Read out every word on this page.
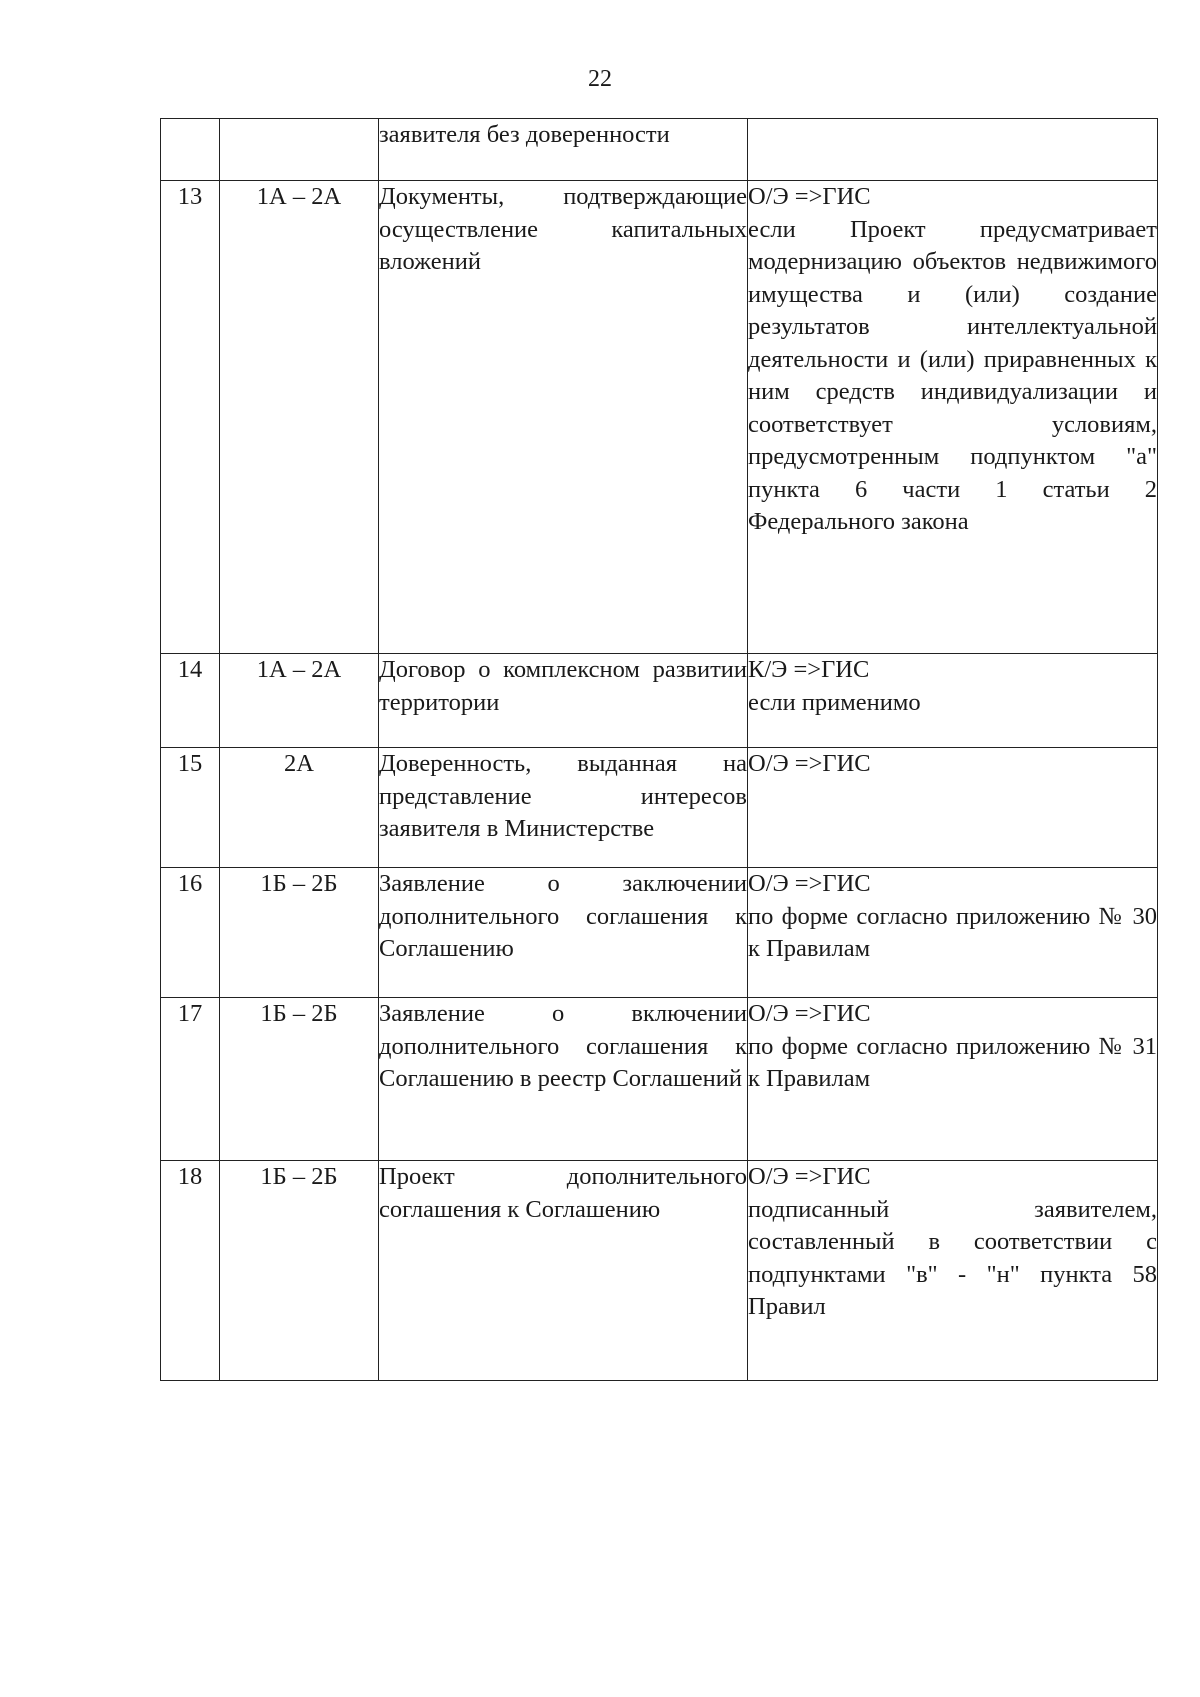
22
		заявителя без доверенности	

13	1А – 2А	Документы, подтверждающие осуществление капитальных вложений	О/Э =>ГИС
если Проект предусматривает модернизацию объектов недвижимого имущества и (или) создание результатов интеллектуальной деятельности и (или) приравненных к ним средств индивидуализации и соответствует условиям, предусмотренным подпунктом "а" пункта 6 части 1 статьи 2 Федерального закона

14	1А – 2А	Договор о комплексном развитии территории	К/Э =>ГИС
если применимо

15	2А	Доверенность, выданная на представление интересов заявителя в Министерстве	О/Э =>ГИС

16	1Б – 2Б	Заявление о заключении дополнительного соглашения к Соглашению	О/Э =>ГИС
по форме согласно приложению № 30 к Правилам

17	1Б – 2Б	Заявление о включении дополнительного соглашения к Соглашению в реестр Соглашений	О/Э =>ГИС
по форме согласно приложению № 31 к Правилам

18	1Б – 2Б	Проект дополнительного соглашения к Соглашению	О/Э =>ГИС
подписанный заявителем, составленный в соответствии с подпунктами "в" - "н" пункта 58 Правил
